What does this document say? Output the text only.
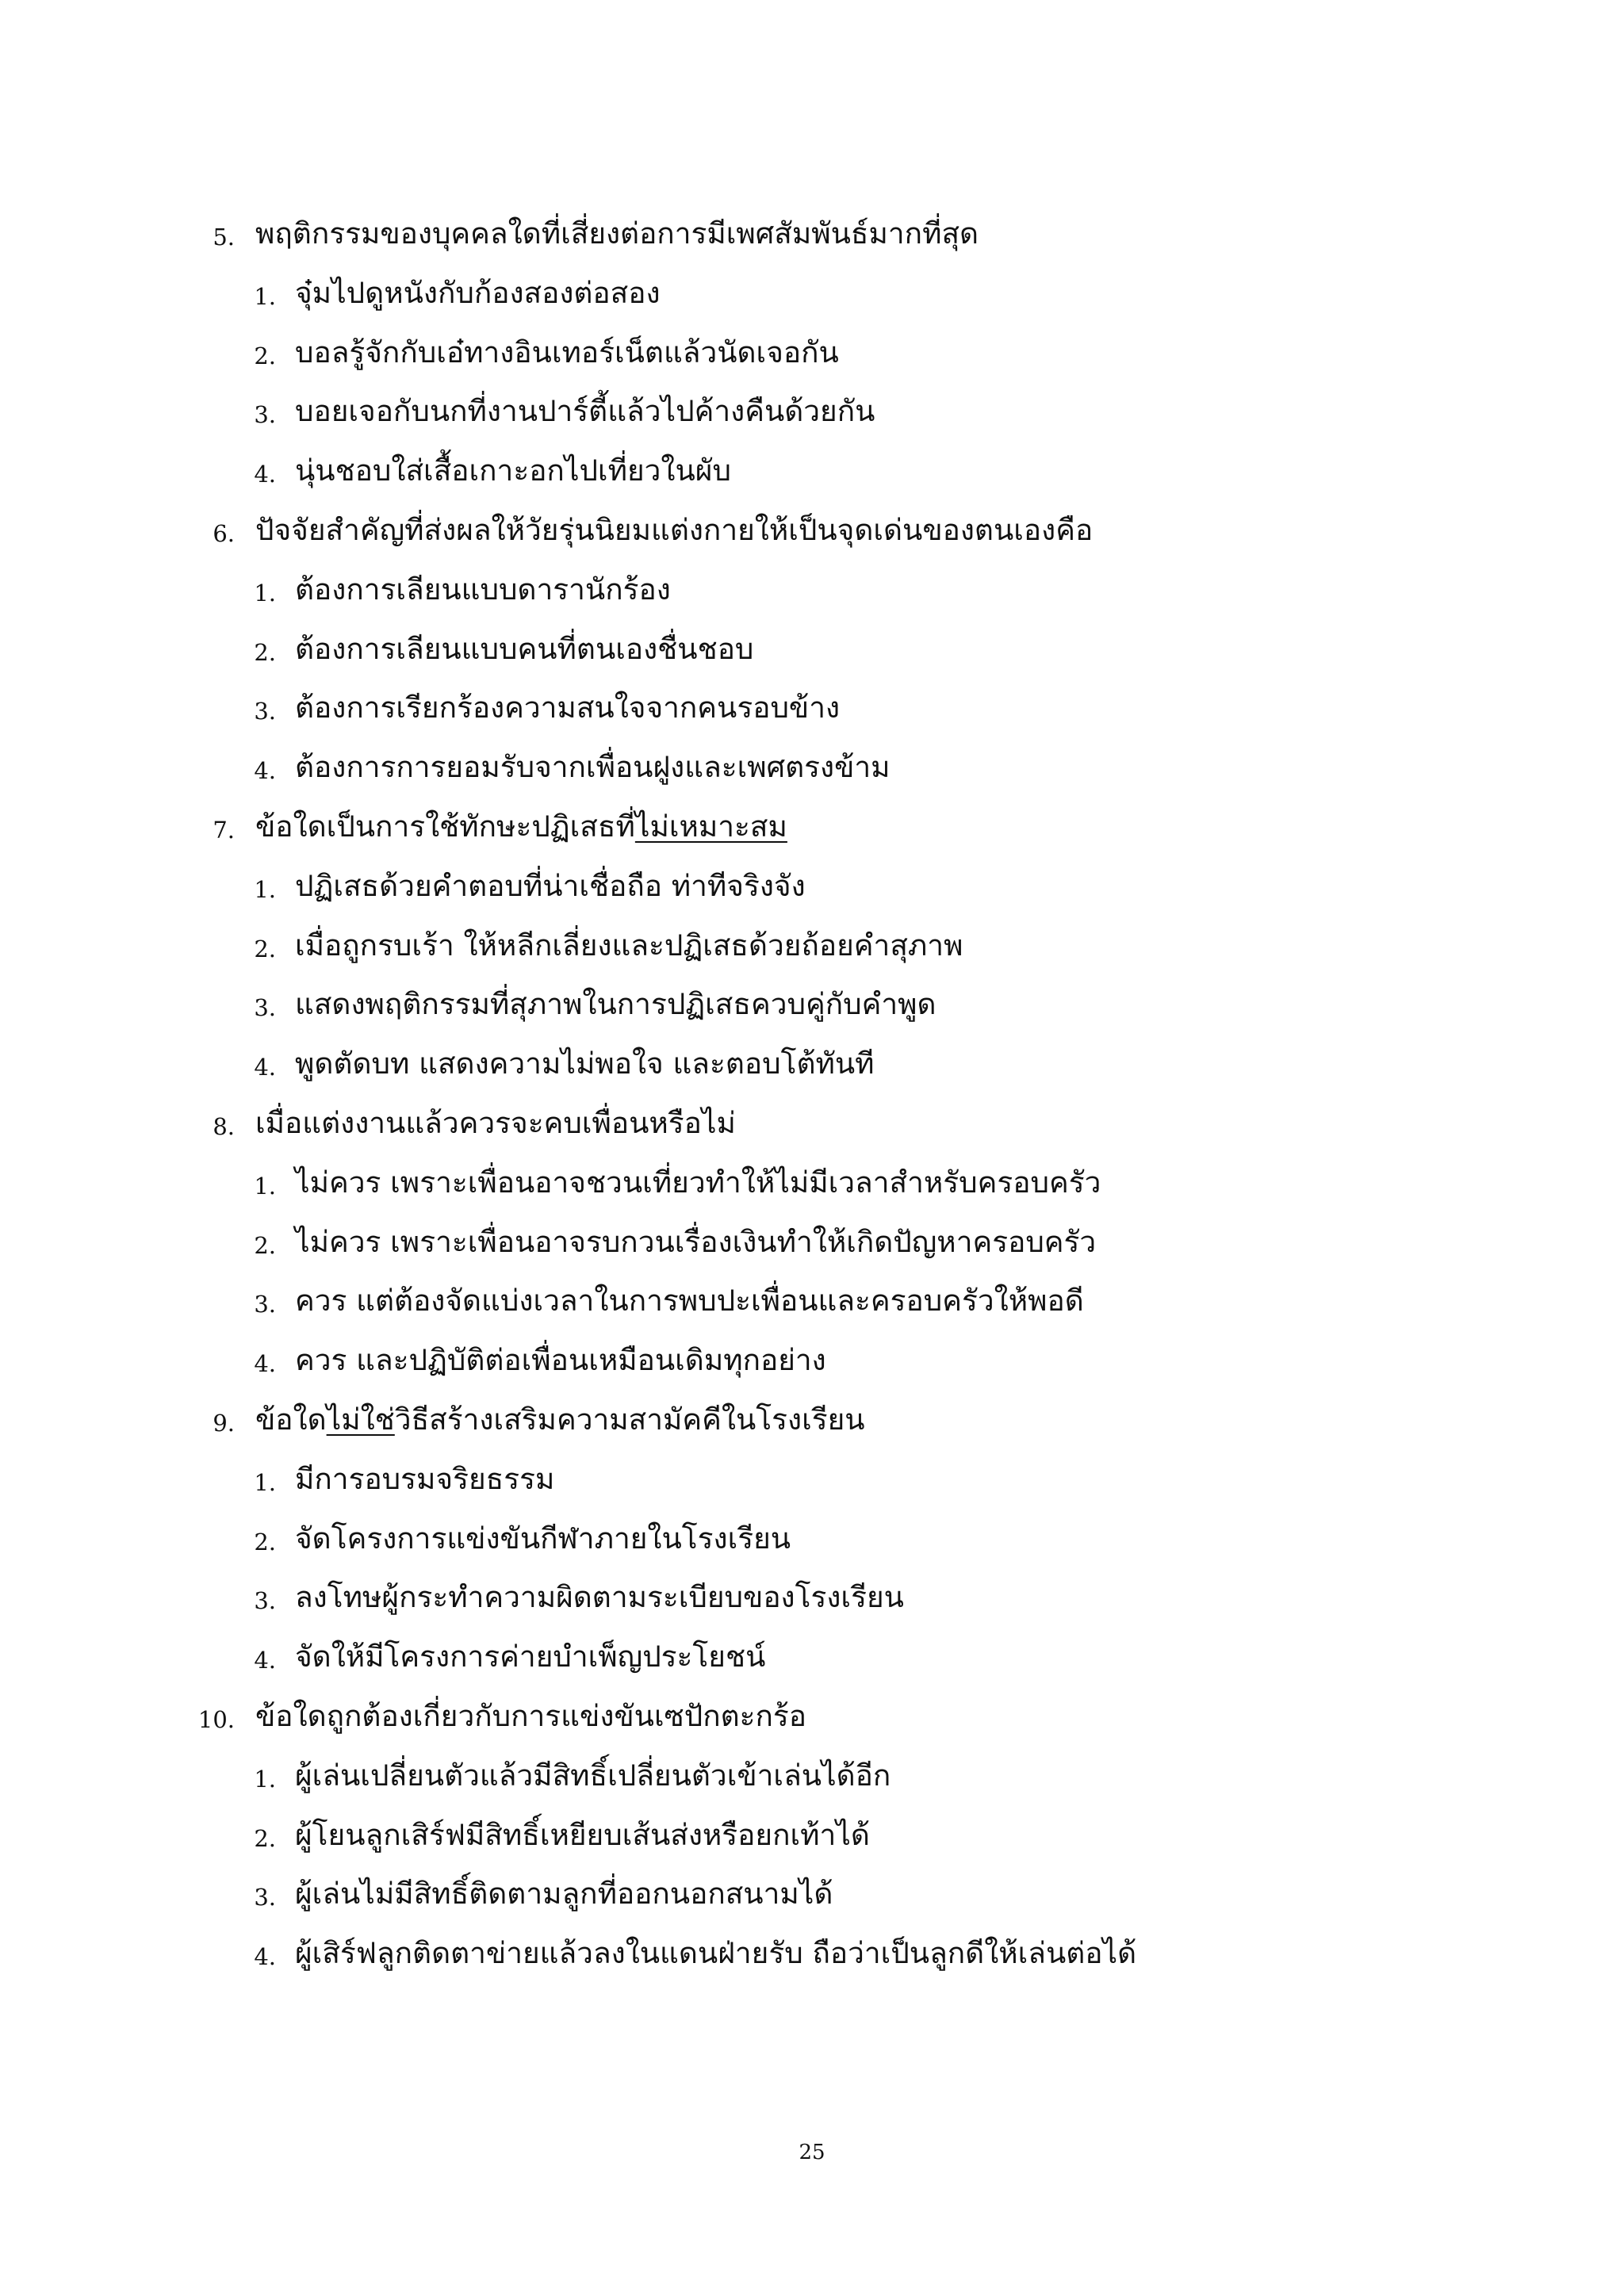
5. พฤติกรรมของบุคคลใดที่เสี่ยงต่อการมีเพศสัมพันธ์มากที่สุด
1. จุ๋มไปดูหนังกับก้องสองต่อสอง
2. บอลรู้จักกับเอ๋ทางอินเทอร์เน็ตแล้วนัดเจอกัน
3. บอยเจอกับนกที่งานปาร์ตี้แล้วไปค้างคืนด้วยกัน
4. นุ่นชอบใส่เสื้อเกาะอกไปเที่ยวในผับ
6. ปัจจัยสำคัญที่ส่งผลให้วัยรุ่นนิยมแต่งกายให้เป็นจุดเด่นของตนเองคือ
1. ต้องการเลียนแบบดารานักร้อง
2. ต้องการเลียนแบบคนที่ตนเองชื่นชอบ
3. ต้องการเรียกร้องความสนใจจากคนรอบข้าง
4. ต้องการการยอมรับจากเพื่อนฝูงและเพศตรงข้าม
7. ข้อใดเป็นการใช้ทักษะปฏิเสธที่ไม่เหมาะสม
1. ปฏิเสธด้วยคำตอบที่น่าเชื่อถือ ท่าทีจริงจัง
2. เมื่อถูกรบเร้า ให้หลีกเลี่ยงและปฏิเสธด้วยถ้อยคำสุภาพ
3. แสดงพฤติกรรมที่สุภาพในการปฏิเสธควบคู่กับคำพูด
4. พูดตัดบท แสดงความไม่พอใจ และตอบโต้ทันที
8. เมื่อแต่งงานแล้วควรจะคบเพื่อนหรือไม่
1. ไม่ควร เพราะเพื่อนอาจชวนเที่ยวทำให้ไม่มีเวลาสำหรับครอบครัว
2. ไม่ควร เพราะเพื่อนอาจรบกวนเรื่องเงินทำให้เกิดปัญหาครอบครัว
3. ควร แต่ต้องจัดแบ่งเวลาในการพบปะเพื่อนและครอบครัวให้พอดี
4. ควร และปฏิบัติต่อเพื่อนเหมือนเดิมทุกอย่าง
9. ข้อใดไม่ใช่วิธีสร้างเสริมความสามัคคีในโรงเรียน
1. มีการอบรมจริยธรรม
2. จัดโครงการแข่งขันกีฬาภายในโรงเรียน
3. ลงโทษผู้กระทำความผิดตามระเบียบของโรงเรียน
4. จัดให้มีโครงการค่ายบำเพ็ญประโยชน์
10. ข้อใดถูกต้องเกี่ยวกับการแข่งขันเซปักตะกร้อ
1. ผู้เล่นเปลี่ยนตัวแล้วมีสิทธิ์เปลี่ยนตัวเข้าเล่นได้อีก
2. ผู้โยนลูกเสิร์ฟมีสิทธิ์เหยียบเส้นส่งหรือยกเท้าได้
3. ผู้เล่นไม่มีสิทธิ์ติดตามลูกที่ออกนอกสนามได้
4. ผู้เสิร์ฟลูกติดตาข่ายแล้วลงในแดนฝ่ายรับ ถือว่าเป็นลูกดีให้เล่นต่อได้
25
